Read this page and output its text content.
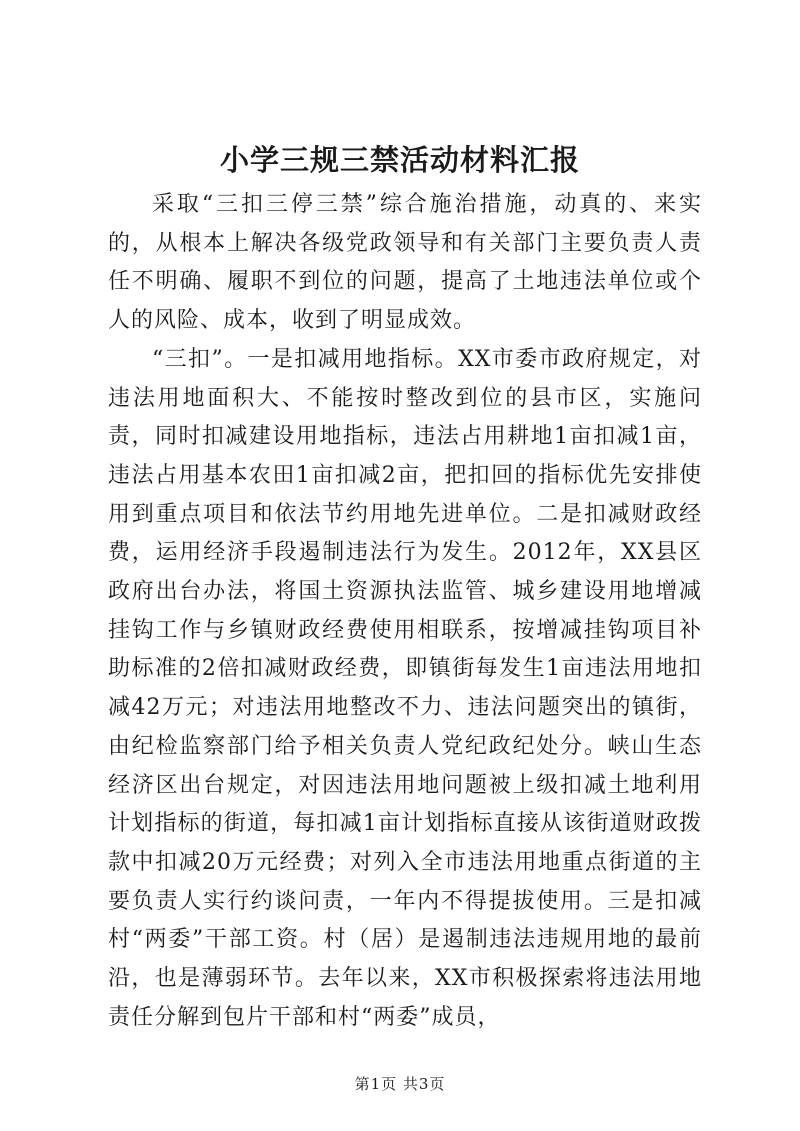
小学三规三禁活动材料汇报

采取“三扣三停三禁”综合施治措施，动真的、来实的，从根本上解决各级党政领导和有关部门主要负责人责任不明确、履职不到位的问题，提高了土地违法单位或个人的风险、成本，收到了明显成效。

“三扣”。一是扣减用地指标。XX市委市政府规定，对违法用地面积大、不能按时整改到位的县市区，实施问责，同时扣减建设用地指标，违法占用耕地1亩扣减1亩，违法占用基本农田1亩扣减2亩，把扣回的指标优先安排使用到重点项目和依法节约用地先进单位。二是扣减财政经费，运用经济手段遏制违法行为发生。2012年，XX县区政府出台办法，将国土资源执法监管、城乡建设用地增减挂钩工作与乡镇财政经费使用相联系，按增减挂钩项目补助标准的2倍扣减财政经费，即镇街每发生1亩违法用地扣减42万元；对违法用地整改不力、违法问题突出的镇街，由纪检监察部门给予相关负责人党纪政纪处分。峡山生态经济区出台规定，对因违法用地问题被上级扣减土地利用计划指标的街道，每扣减1亩计划指标直接从该街道财政拨款中扣减20万元经费；对列入全市违法用地重点街道的主要负责人实行约谈问责，一年内不得提拔使用。三是扣减村“两委”干部工资。村（居）是遏制违法违规用地的最前沿，也是薄弱环节。去年以来，XX市积极探索将违法用地责任分解到包片干部和村“两委”成员，

第1页 共3页
